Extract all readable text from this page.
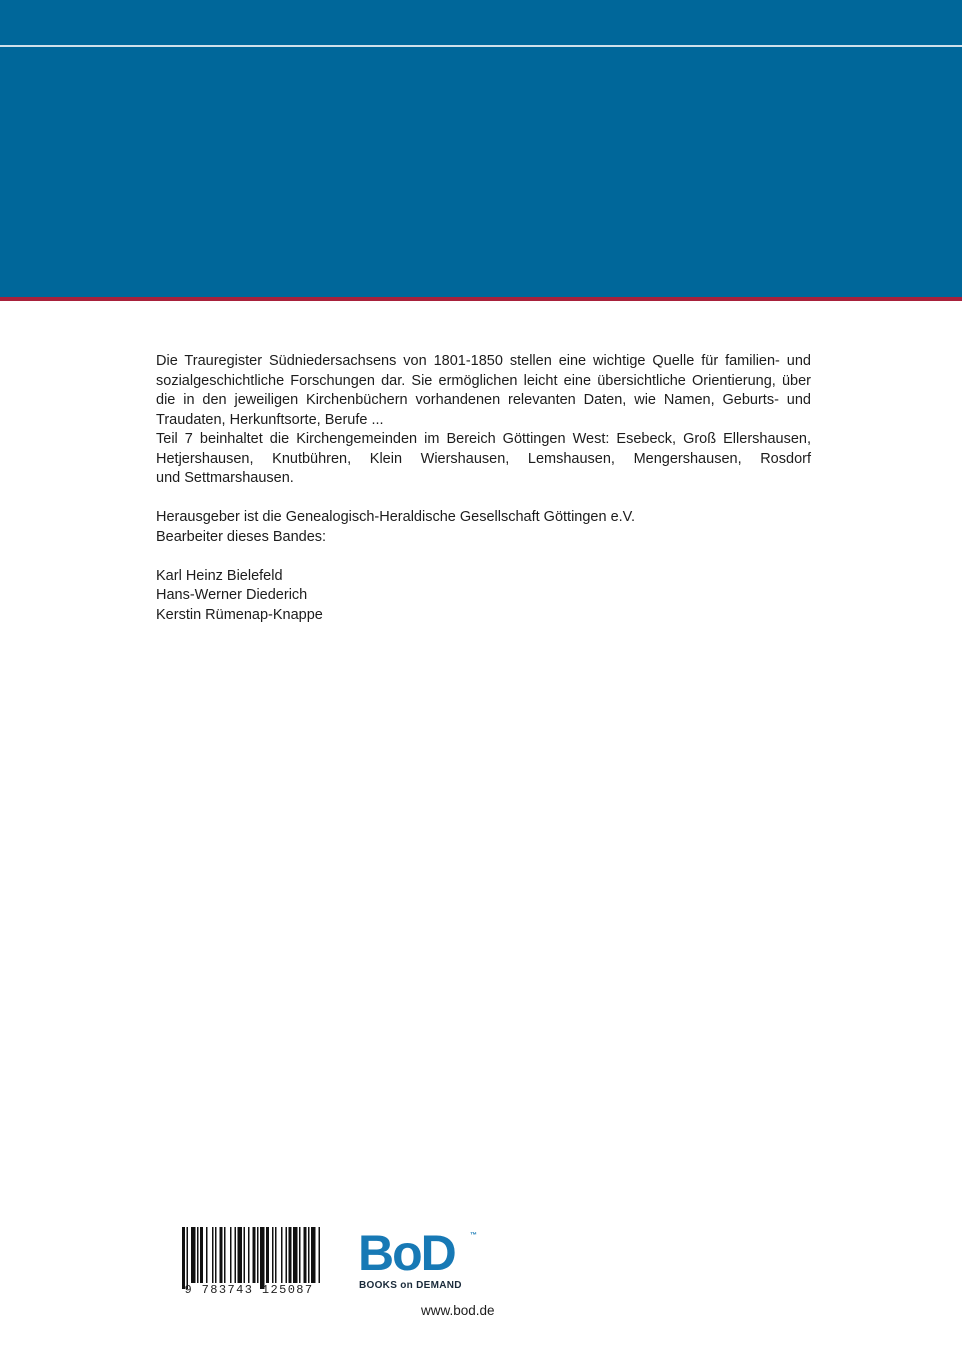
Die Trauregister Südniedersachsens von 1801-1850 stellen eine wichtige Quelle für familien- und sozialgeschichtliche Forschungen dar. Sie ermöglichen leicht eine übersichtliche Orientierung, über die in den jeweiligen Kirchenbüchern vorhandenen relevanten Daten, wie Namen, Geburts- und Traudaten, Herkunftsorte, Berufe ...

Teil 7 beinhaltet die Kirchengemeinden im Bereich Göttingen West: Esebeck, Groß Ellershausen, Hetjershausen, Knutbühren, Klein Wiershausen, Lemshausen, Mengershausen, Rosdorf

und Settmarshausen.
Herausgeber ist die Genealogisch-Heraldische Gesellschaft Göttingen e.V.
Bearbeiter dieses Bandes:
Karl Heinz Bielefeld
Hans-Werner Diederich
Kerstin Rümenap-Knappe
9 783743 125087
BoD ™
BOOKS on DEMAND
www.bod.de
